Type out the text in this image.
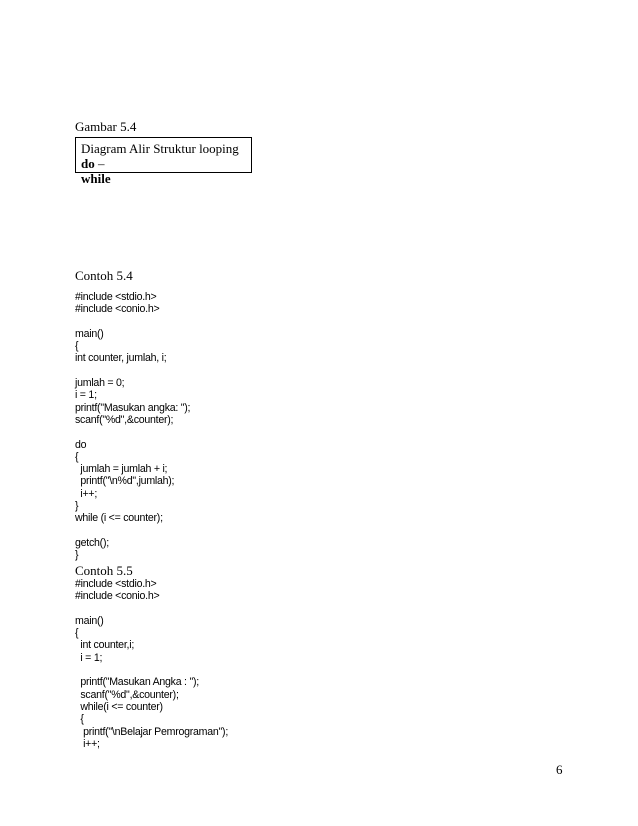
Gambar 5.4
Diagram Alir Struktur looping do –
while
Contoh 5.4
#include <stdio.h>
#include <conio.h>

main()
{
int counter, jumlah, i;

jumlah = 0;
i = 1;
printf("Masukan angka: ");
scanf("%d",&counter);

do
{
jumlah = jumlah + i;
printf("\n%d",jumlah);
i++;
}
while (i <= counter);

getch();
}
Contoh 5.5
#include <stdio.h>
#include <conio.h>

main()
{
int counter,i;
i = 1;

printf("Masukan Angka : ");
scanf("%d",&counter);
while(i <= counter)
{
printf("\nBelajar Pemrograman");
i++;
6
